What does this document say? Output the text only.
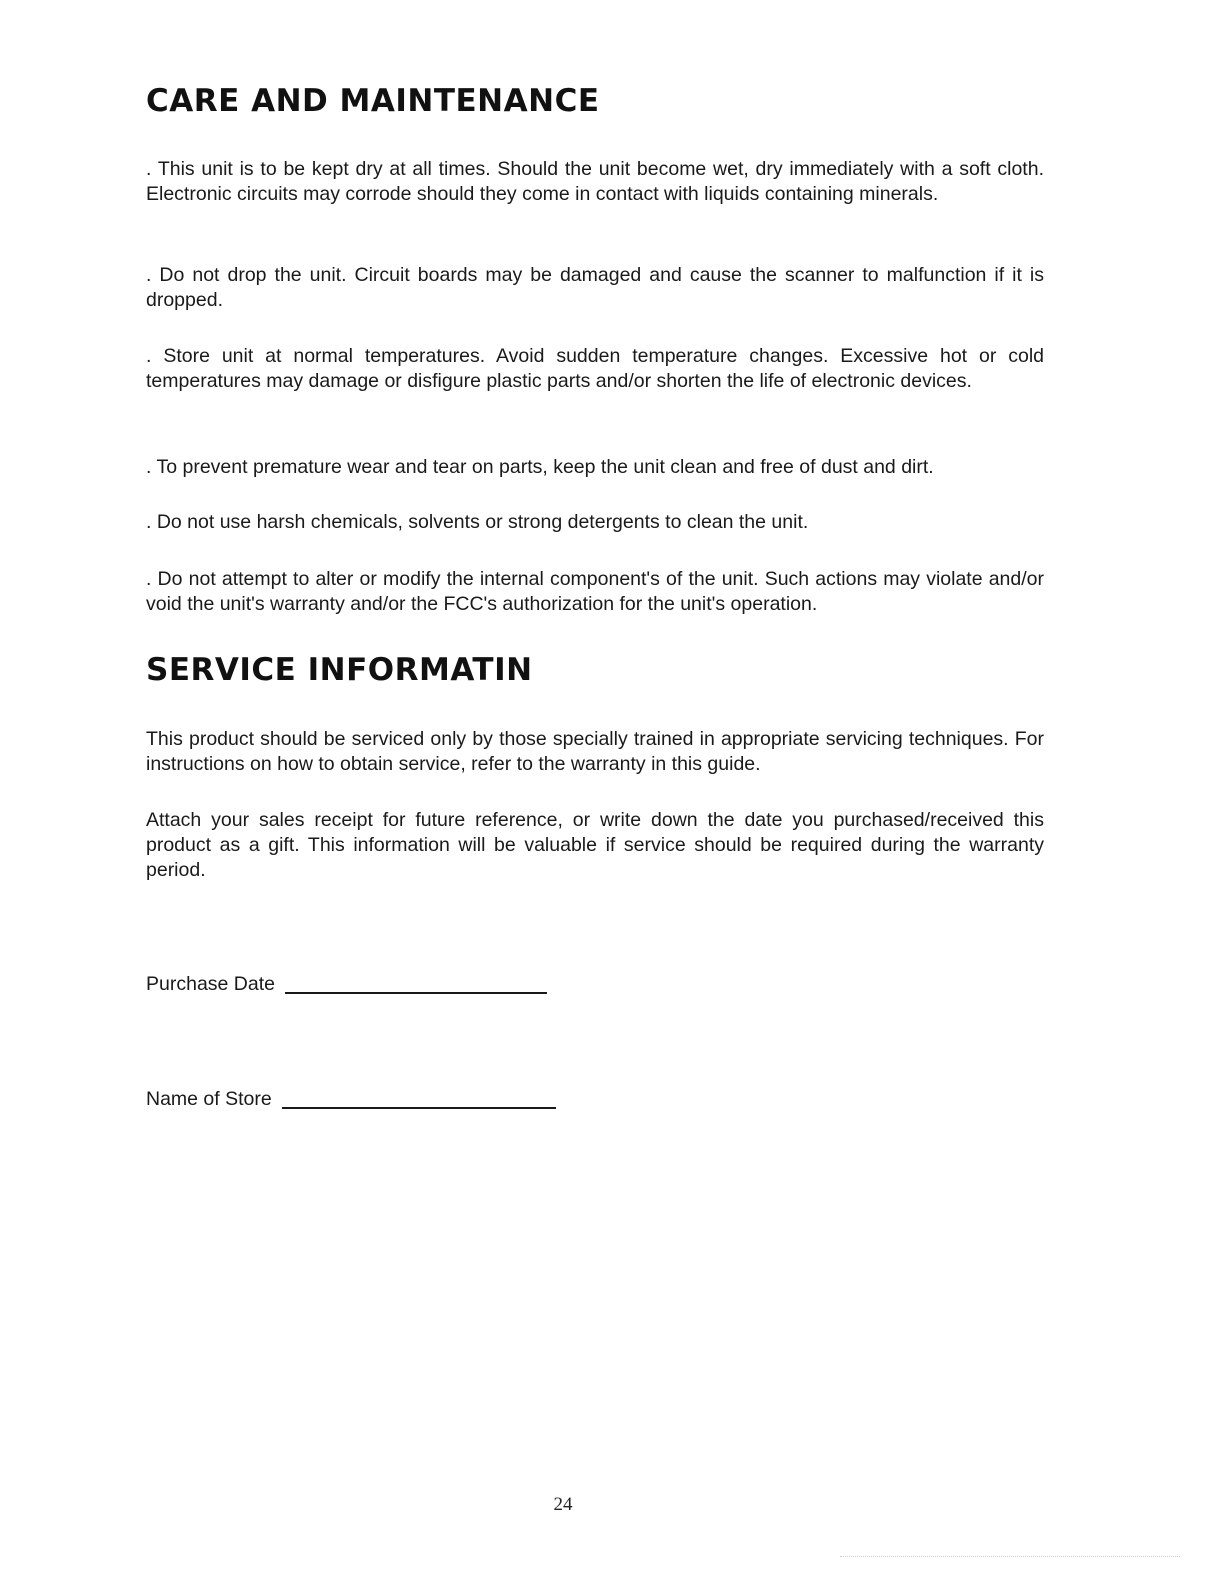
CARE AND MAINTENANCE

. This unit is to be kept dry at all times. Should the unit become wet, dry immediately with a soft cloth. Electronic circuits may corrode should they come in contact with liquids containing minerals.

. Do not drop the unit. Circuit boards may be damaged and cause the scanner to malfunction if it is dropped.

. Store unit at normal temperatures. Avoid sudden temperature changes. Excessive hot or cold temperatures may damage or disfigure plastic parts and/or shorten the life of electronic devices.

. To prevent premature wear and tear on parts, keep the unit clean and free of dust and dirt.

. Do not use harsh chemicals, solvents or strong detergents to clean the unit.

. Do not attempt to alter or modify the internal component's of the unit. Such actions may violate and/or void the unit's warranty and/or the FCC's authorization for the unit's operation.

SERVICE INFORMATIN

This product should be serviced only by those specially trained in appropriate servicing techniques. For instructions on how to obtain service, refer to the warranty in this guide.

Attach your sales receipt for future reference, or write down the date you purchased/received this product as a gift. This information will be valuable if service should be required during the warranty period.

Purchase Date
Name of Store
24
